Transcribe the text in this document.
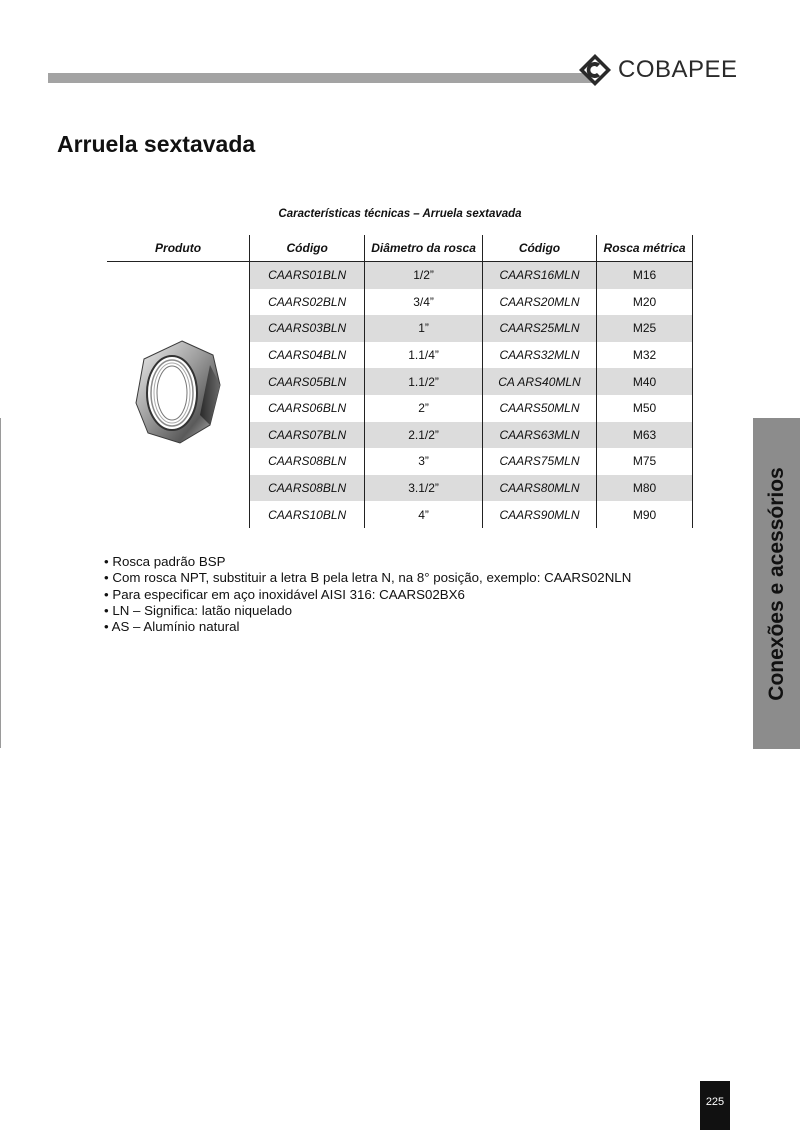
COBAPEE
Arruela sextavada
Características técnicas – Arruela sextavada
Produto	Código	Diâmetro da rosca	Código	Rosca métrica
	CAARS01BLN	1/2”	CAARS16MLN	M16
	CAARS02BLN	3/4”	CAARS20MLN	M20
	CAARS03BLN	1”	CAARS25MLN	M25
	CAARS04BLN	1.1/4”	CAARS32MLN	M32
	CAARS05BLN	1.1/2”	CA ARS40MLN	M40
	CAARS06BLN	2”	CAARS50MLN	M50
	CAARS07BLN	2.1/2”	CAARS63MLN	M63
	CAARS08BLN	3”	CAARS75MLN	M75
	CAARS08BLN	3.1/2”	CAARS80MLN	M80
	CAARS10BLN	4”	CAARS90MLN	M90
• Rosca padrão BSP
• Com rosca NPT, substituir a letra B pela letra N, na 8° posição, exemplo: CAARS02NLN
• Para especificar em aço inoxidável AISI 316: CAARS02BX6
• LN – Significa: latão niquelado
• AS – Alumínio natural	Conexões e acessórios
225
